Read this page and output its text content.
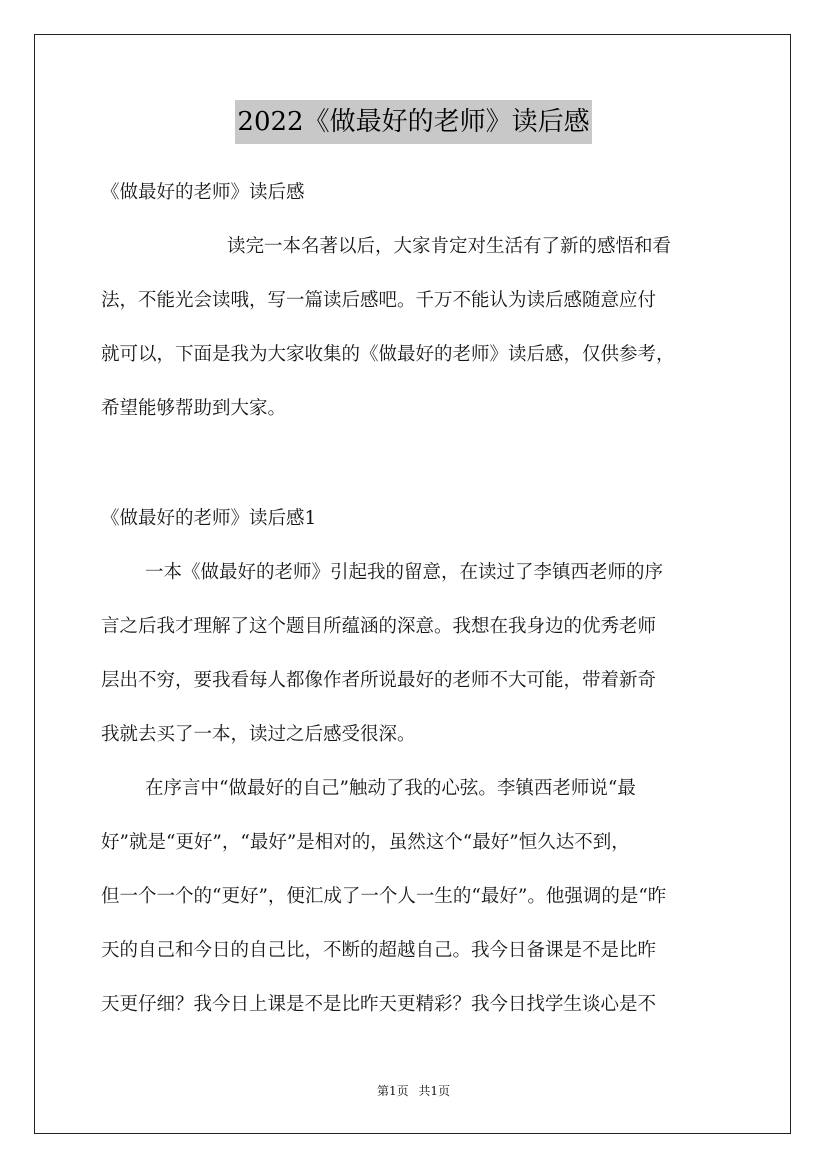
2022《做最好的老师》读后感
《做最好的老师》读后感
读完一本名著以后，大家肯定对生活有了新的感悟和看
法，不能光会读哦，写一篇读后感吧。千万不能认为读后感随意应付
就可以，下面是我为大家收集的《做最好的老师》读后感，仅供参考，
希望能够帮助到大家。
《做最好的老师》读后感1
一本《做最好的老师》引起我的留意，在读过了李镇西老师的序
言之后我才理解了这个题目所蕴涵的深意。我想在我身边的优秀老师
层出不穷，要我看每人都像作者所说最好的老师不大可能，带着新奇
我就去买了一本，读过之后感受很深。
在序言中“做最好的自己”触动了我的心弦。李镇西老师说“最
好”就是“更好”，“最好”是相对的，虽然这个“最好”恒久达不到，
但一个一个的“更好”，便汇成了一个人一生的“最好”。他强调的是“昨
天的自己和今日的自己比，不断的超越自己。我今日备课是不是比昨
天更仔细？我今日上课是不是比昨天更精彩？我今日找学生谈心是不
第1页 共1页
